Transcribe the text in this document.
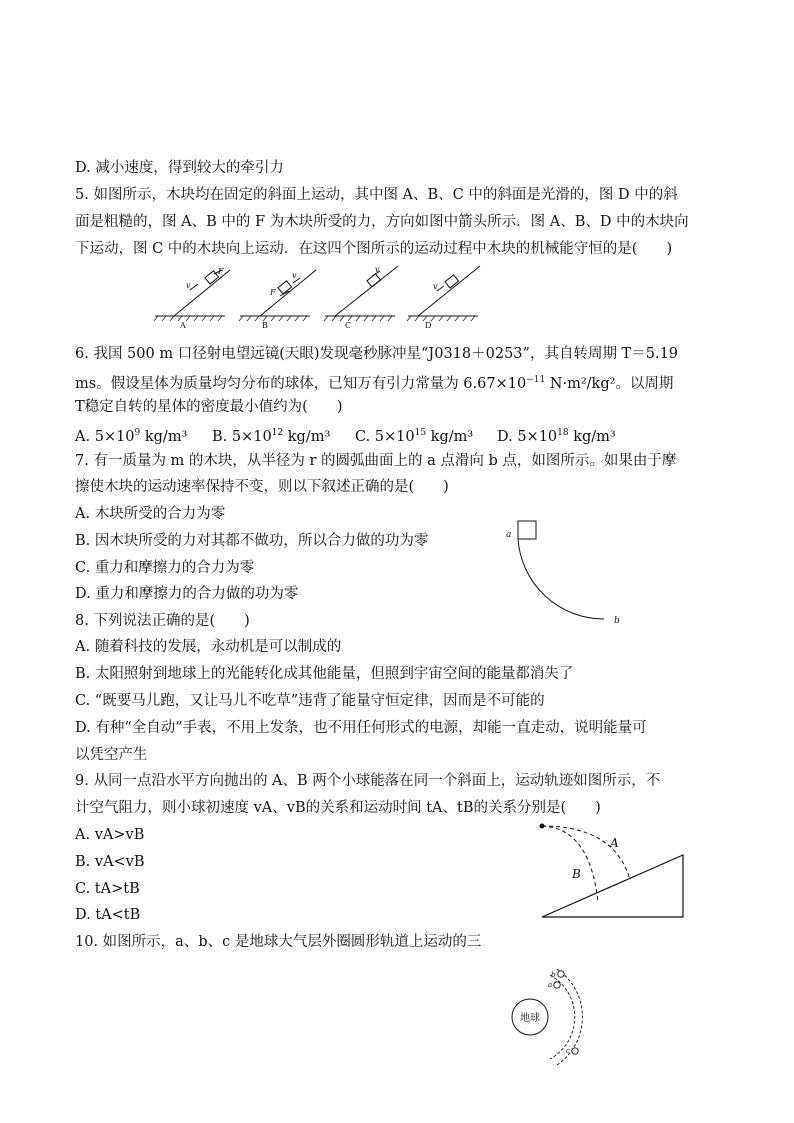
D. 减小速度，得到较大的牵引力
5. 如图所示，木块均在固定的斜面上运动，其中图 A、B、C 中的斜面是光滑的，图 D 中的斜
面是粗糙的，图 A、B 中的 F 为木块所受的力，方向如图中箭头所示．图 A、B、D 中的木块向
下运动，图 C 中的木块向上运动．在这四个图所示的运动过程中木块的机械能守恒的是(　　)
F
v
v
F
v
v
A	B	C	D
6. 我国 500 m 口径射电望远镜(天眼)发现毫秒脉冲星“J0318＋0253”，其自转周期 T＝5.19
ms。假设星体为质量均匀分布的球体，已知万有引力常量为 $6.67\times 10^{-11}$ N·m²/kg²。以周期
T稳定自转的星体的密度最小值约为(　　)
A. $5\times 10^9$ kg/m³ B. $5\times 10^{12}$ kg/m³ C. $5\times 10^{15}$ kg/m³ D. $5\times 10^{18}$ kg/m³
7. 有一质量为 m 的木块，从半径为 r 的圆弧曲面上的 a 点滑向 b 点，如图所示。如果由于摩
擦使木块的运动速率保持不变，则以下叙述正确的是(　　)
A. 木块所受的合力为零
B. 因木块所受的力对其都不做功，所以合力做的功为零
C. 重力和摩擦力的合力为零
D. 重力和摩擦力的合力做的功为零
a
b
8. 下列说法正确的是(　　)
A. 随着科技的发展，永动机是可以制成的
B. 太阳照射到地球上的光能转化成其他能量，但照到宇宙空间的能量都消失了
C. “既要马儿跑，又让马儿不吃草”违背了能量守恒定律，因而是不可能的
D. 有种“全自动”手表，不用上发条，也不用任何形式的电源，却能一直走动，说明能量可
以凭空产生
9. 从同一点沿水平方向抛出的 A、B 两个小球能落在同一个斜面上，运动轨迹如图所示，不
计空气阻力，则小球初速度 vA、vB的关系和运动时间 tA、tB的关系分别是(　　)
A. vA>vB
B. vA<vB
C. tA>tB
D. tA<tB
A
B
10. 如图所示，a、b、c 是地球大气层外圈圆形轨道上运动的三
地球
a
b
c
